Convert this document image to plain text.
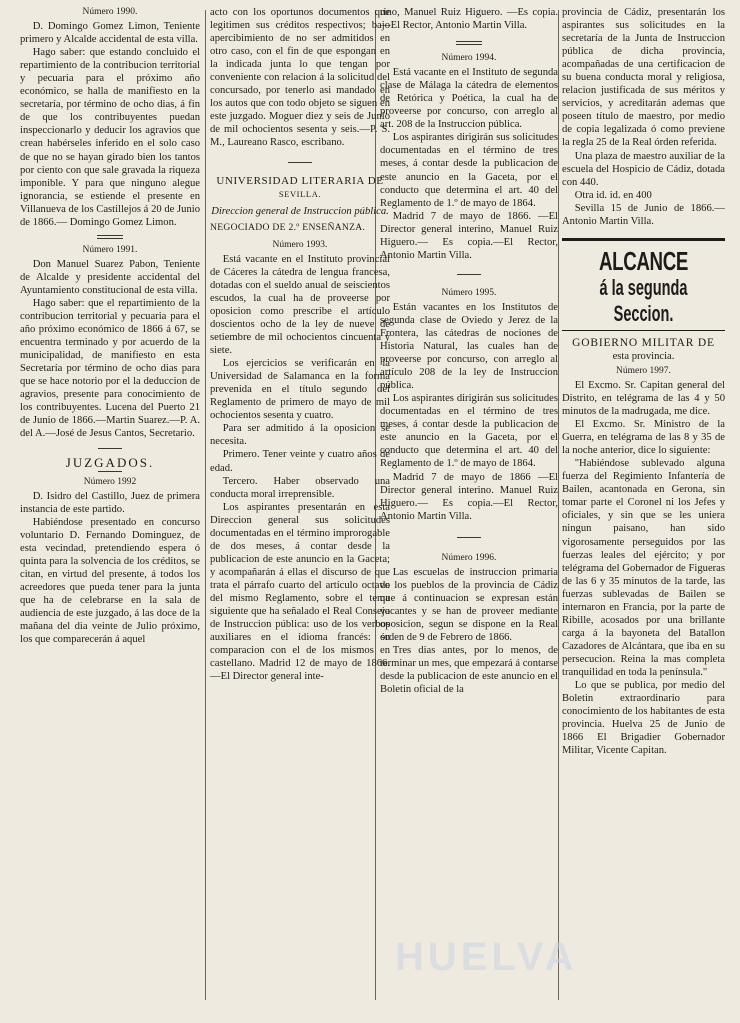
Número 1990.

D. Domingo Gomez Limon, Teniente primero y Alcalde accidental de esta villa.

Hago saber: que estando concluido el repartimiento de la contribucion territorial y pecuaria para el próximo año económico, se halla de manifiesto en la secretaría, por término de ocho dias, á fin de que los contribuyentes puedan inspeccionarlo y deducir los agravios que crean habérseles inferido en el solo caso de que no se hayan girado bien los tantos por ciento con que sale gravada la riqueza imponible. Y para que ninguno alegue ignorancia, se estiende el presente en Villanueva de los Castillejos á 20 de Junio de 1866.— Domingo Gomez Limon.

Número 1991.

Don Manuel Suarez Pabon, Teniente de Alcalde y presidente accidental del Ayuntamiento constitucional de esta villa.

Hago saber: que el repartimiento de la contribucion territorial y pecuaria para el año próximo económico de 1866 á 67, se encuentra terminado y por acuerdo de la municipalidad, de manifiesto en esta Secretaría por término de ocho dias para que se hace notorio por el la deduccion de agravios, presente para conocimiento de los contribuyentes. Lucena del Puerto 21 de Junio de 1866.—Martin Suarez.—P. A. del A.—José de Jesus Cantos, Secretario.

JUZGADOS.
Número 1992

D. Isidro del Castillo, Juez de primera instancia de este partido.

Habiéndose presentado en concurso voluntario D. Fernando Dominguez, de esta vecindad, pretendiendo espera ó quinta para la solvencia de los créditos, se citan, en virtud del presente, á todos los acreedores que pueda tener para la junta que ha de celebrarse en la sala de audiencia de este juzgado, á las doce de la mañana del dia veinte de Julio próximo, los que comparecerán á aquel

acto con los oportunos documentos que legitimen sus créditos respectivos; bajo apercibimiento de no ser admitidos en otro caso, con el fin de que espongan en la indicada junta lo que tengan por conveniente con relacion á la solicitud del concursado, por tenerlo asi mandado en los autos que con todo objeto se siguen en este juzgado. Moguer diez y seis de Junio de mil ochocientos sesenta y seis.—P. S. M., Laureano Rasco, escribano.

UNIVERSIDAD LITERARIA DE
SEVILLA.
Direccion general de Instruccion pública.
NEGOCIADO DE 2.º ENSEÑANZA.
Número 1993.

Está vacante en el Instituto provincial de Cáceres la cátedra de lengua francesa, dotadas con el sueldo anual de seiscientos escudos, la cual ha de proveerse por oposicion como prescribe el artículo doscientos ocho de la ley de nueve de setiembre de mil ochocientos cincuenta y siete.

Los ejercicios se verificarán en la Universidad de Salamanca en la forma prevenida en el título segundo del Reglamento de primero de mayo de mil ochocientos sesenta y cuatro.

Para ser admitido á la oposicion se necesita.

Primero. Tener veinte y cuatro años de edad.

Tercero. Haber observado una conducta moral irreprensible.

Los aspirantes presentarán en esta Direccion general sus solicitudes documentadas en el término improrogable de dos meses, á contar desde la publicacion de este anuncio en la Gaceta; y acompañarán á ellas el discurso de que trata el párrafo cuarto del artículo octavo del mismo Reglamento, sobre el tema siguiente que ha señalado el Real Consejo de Instruccion pública: uso de los verbos auxiliares en el idioma francés: su comparacion con el de los mismos en castellano. Madrid 12 de mayo de 1866. —El Director general inte-

rino, Manuel Ruiz Higuero. —Es copia.—El Rector, Antonio Martin Villa.

Número 1994.

Está vacante en el Instituto de segunda clase de Málaga la cátedra de elementos de Retórica y Poética, la cual ha de proveerse por concurso, con arreglo al art. 208 de la Instruccion pública.

Los aspirantes dirigirán sus solicitudes documentadas en el término de tres meses, á contar desde la publicacion de este anuncio en la Gaceta, por el conducto que determina el art. 40 del Reglamento de 1.º de mayo de 1864.

Madrid 7 de mayo de 1866. —El Director general interino, Manuel Ruiz Higuero.— Es copia.—El Rector, Antonio Martin Villa.

Número 1995.

Están vacantes en los Institutos de segunda clase de Oviedo y Jerez de la Frontera, las cátedras de nociones de Historia Natural, las cuales han de proveerse por concurso, con arreglo al artículo 208 de la ley de Instruccion pública.

Los aspirantes dirigirán sus solicitudes documentadas en el término de tres meses, á contar desde la publicacion de este anuncio en la Gaceta, por el conducto que determina el art. 40 del Reglamento de 1.º de mayo de 1864.

Madrid 7 de mayo de 1866 —El Director general interino. Manuel Ruiz Higuero.— Es copia.—El Rector, Antonio Martin Villa.

Número 1996.

Las escuelas de instruccion primaria de los pueblos de la provincia de Cádiz que á continuacion se expresan están vacantes y se han de proveer mediante oposicion, segun se dispone en la Real órden de 9 de Febrero de 1866.

Tres dias antes, por lo menos, de terminar un mes, que empezará á contarse desde la publicacion de este anuncio en el Boletin oficial de la

provincia de Cádiz, presentarán los aspirantes sus solicitudes en la secretaría de la Junta de Instruccion pública de dicha provincia, acompañadas de una certificacion de su buena conducta moral y religiosa, relacion justificada de sus méritos y servicios, y acreditarán ademas que poseen título de maestro, por medio de copia legalizada ó como previene la regla 25 de la Real órden referida.

Una plaza de maestro auxiliar de la escuela del Hospicio de Cádiz, dotada con 440.

Otra id. id. en 400

Sevilla 15 de Junio de 1866.—Antonio Martin Villa.

ALCANCE
á la segunda Seccion.
GOBIERNO MILITAR DE
esta provincia.
Número 1997.

El Excmo. Sr. Capitan general del Distrito, en telégrama de las 4 y 50 minutos de la madrugada, me dice.

El Excmo. Sr. Ministro de la Guerra, en telégrama de las 8 y 35 de la noche anterior, dice lo siguiente:

"Habiéndose sublevado alguna fuerza del Regimiento Infantería de Bailen, acantonada en Gerona, sin tomar parte el Coronel ni los Jefes y oficiales, y sin que se les uniera ningun paisano, han sido vigorosamente perseguidos por las fuerzas leales del ejército; y por telégrama del Gobernador de Figueras de las 6 y 35 minutos de la tarde, las fuerzas sublevadas de Bailen se internaron en Francia, por la parte de Ribille, acosados por una brillante carga á la bayoneta del Batallon Cazadores de Alcántara, que iba en su persecucion. Reina la mas completa tranquilidad en toda la península."

Lo que se publica, por medio del Boletin extraordinario para conocimiento de los habitantes de esta provincia. Huelva 25 de Junio de 1866 El Brigadier Gobernador Militar, Vicente Capitan.

HUELVA
